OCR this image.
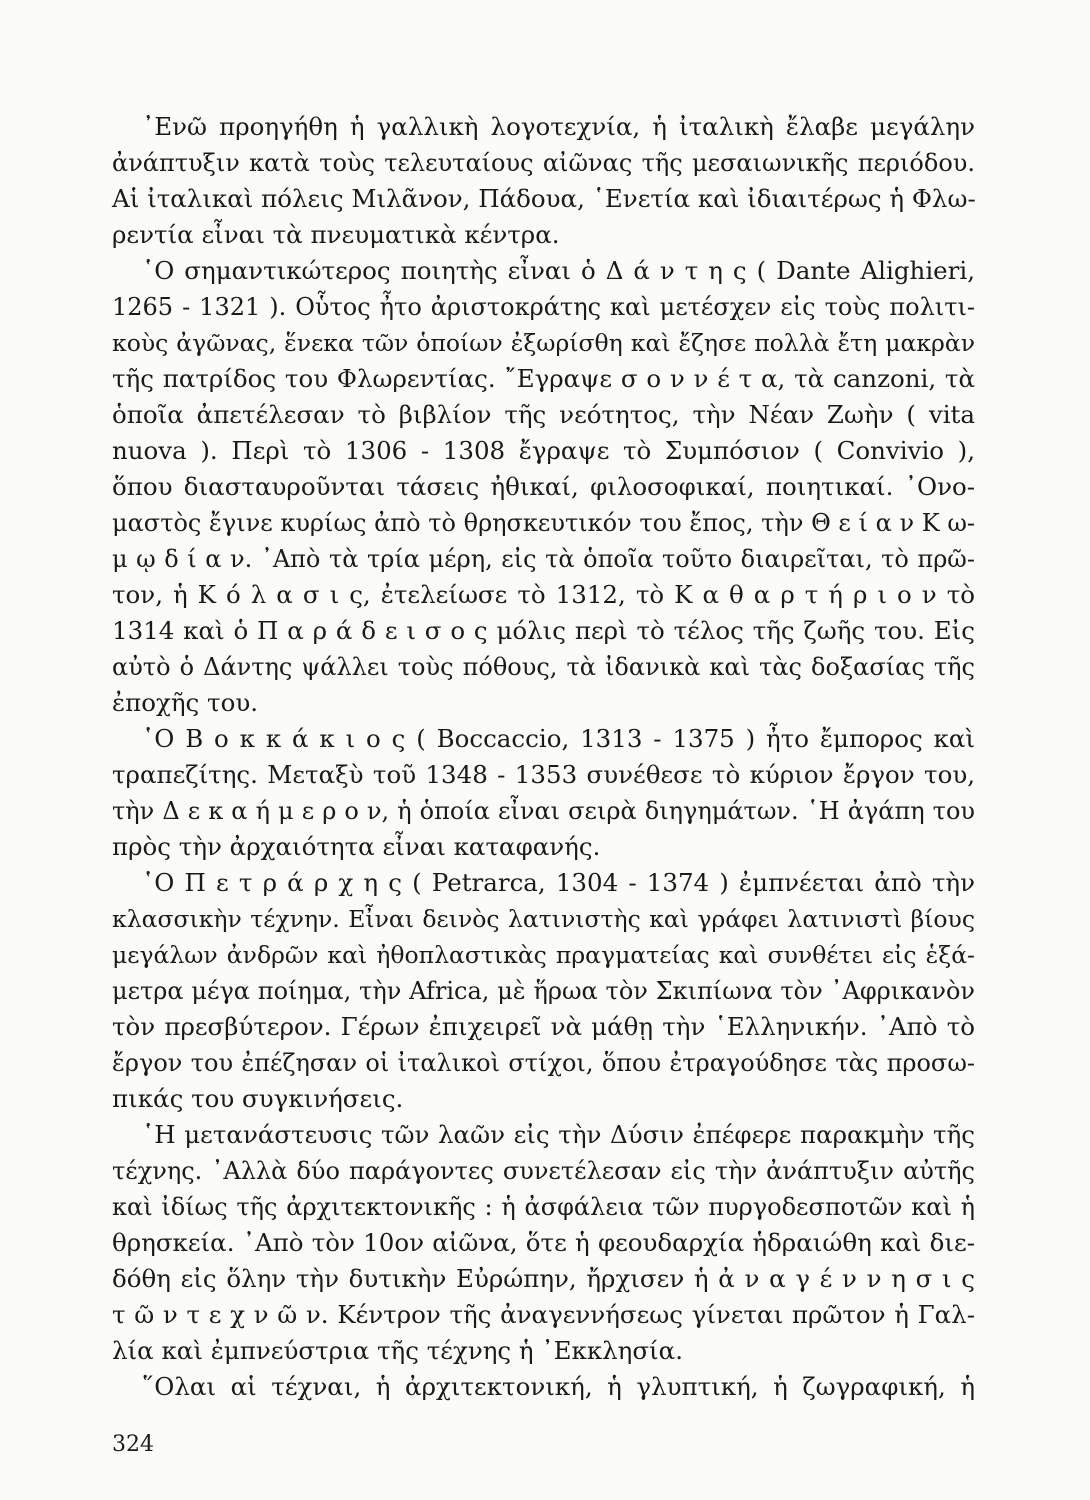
᾿Ενῶ προηγήθη ἡ γαλλικὴ λογοτεχνία, ἡ ἰταλικὴ ἔλαβε μεγάλην
ἀνάπτυξιν κατὰ τοὺς τελευταίους αἰῶνας τῆς μεσαιωνικῆς περιόδου.
Αἱ ἰταλικαὶ πόλεις Μιλᾶνον, Πάδουα, ῾Ενετία καὶ ἰδιαιτέρως ἡ Φλω-
ρεντία εἶναι τὰ πνευματικὰ κέντρα.
῾Ο σημαντικώτερος ποιητὴς εἶναι ὁ Δ ά ν τ η ς ( Dante Alighieri,
1265 - 1321 ). Οὗτος ἦτο ἀριστοκράτης καὶ μετέσχεν εἰς τοὺς πολιτι-
κοὺς ἀγῶνας, ἕνεκα τῶν ὁποίων ἐξωρίσθη καὶ ἔζησε πολλὰ ἔτη μακρὰν
τῆς πατρίδος του Φλωρεντίας. ῎Εγραψε σ ο ν ν έ τ α, τὰ canzoni, τὰ
ὁποῖα ἀπετέλεσαν τὸ βιβλίον τῆς νεότητος, τὴν Νέαν Ζωὴν ( vita
nuova ). Περὶ τὸ 1306 - 1308 ἔγραψε τὸ Συμπόσιον ( Convivio ),
ὅπου διασταυροῦνται τάσεις ἠθικαί, φιλοσοφικαί, ποιητικαί. ᾿Ονο-
μαστὸς ἔγινε κυρίως ἀπὸ τὸ θρησκευτικόν του ἔπος, τὴν Θ ε ί α ν Κ ω-
μ ῳ δ ί α ν. ᾿Απὸ τὰ τρία μέρη, εἰς τὰ ὁποῖα τοῦτο διαιρεῖται, τὸ πρῶ-
τον, ἡ Κ ό λ α σ ι ς, ἐτελείωσε τὸ 1312, τὸ Κ α θ α ρ τ ή ρ ι ο ν τὸ
1314 καὶ ὁ Π α ρ ά δ ε ι σ ο ς μόλις περὶ τὸ τέλος τῆς ζωῆς του. Εἰς
αὐτὸ ὁ Δάντης ψάλλει τοὺς πόθους, τὰ ἰδανικὰ καὶ τὰς δοξασίας τῆς
ἐποχῆς του.
῾Ο Β ο κ κ ά κ ι ο ς ( Boccaccio, 1313 - 1375 ) ἦτο ἔμπορος καὶ
τραπεζίτης. Μεταξὺ τοῦ 1348 - 1353 συνέθεσε τὸ κύριον ἔργον του,
τὴν Δ ε κ α ή μ ε ρ ο ν, ἡ ὁποία εἶναι σειρὰ διηγημάτων. ῾Η ἀγάπη του
πρὸς τὴν ἀρχαιότητα εἶναι καταφανής.
῾Ο Π ε τ ρ ά ρ χ η ς ( Petrarca, 1304 - 1374 ) ἐμπνέεται ἀπὸ τὴν
κλασσικὴν τέχνην. Εἶναι δεινὸς λατινιστὴς καὶ γράφει λατινιστὶ βίους
μεγάλων ἀνδρῶν καὶ ἠθοπλαστικὰς πραγματείας καὶ συνθέτει εἰς ἑξά-
μετρα μέγα ποίημα, τὴν Africa, μὲ ἥρωα τὸν Σκιπίωνα τὸν ᾿Αφρικανὸν
τὸν πρεσβύτερον. Γέρων ἐπιχειρεῖ νὰ μάθῃ τὴν ῾Ελληνικήν. ᾿Απὸ τὸ
ἔργον του ἐπέζησαν οἱ ἰταλικοὶ στίχοι, ὅπου ἐτραγούδησε τὰς προσω-
πικάς του συγκινήσεις.
῾Η μετανάστευσις τῶν λαῶν εἰς τὴν Δύσιν ἐπέφερε παρακμὴν τῆς
τέχνης. ᾿Αλλὰ δύο παράγοντες συνετέλεσαν εἰς τὴν ἀνάπτυξιν αὐτῆς
καὶ ἰδίως τῆς ἀρχιτεκτονικῆς : ἡ ἀσφάλεια τῶν πυργοδεσποτῶν καὶ ἡ
θρησκεία. ᾿Απὸ τὸν 10ον αἰῶνα, ὅτε ἡ φεουδαρχία ἡδραιώθη καὶ διε-
δόθη εἰς ὅλην τὴν δυτικὴν Εὐρώπην, ἤρχισεν ἡ ἀ ν α γ έ ν ν η σ ι ς
τ ῶ ν τ ε χ ν ῶ ν. Κέντρον τῆς ἀναγεννήσεως γίνεται πρῶτον ἡ Γαλ-
λία καὶ ἐμπνεύστρια τῆς τέχνης ἡ ᾿Εκκλησία.
῞Ολαι αἱ τέχναι, ἡ ἀρχιτεκτονική, ἡ γλυπτική, ἡ ζωγραφική, ἡ
324
